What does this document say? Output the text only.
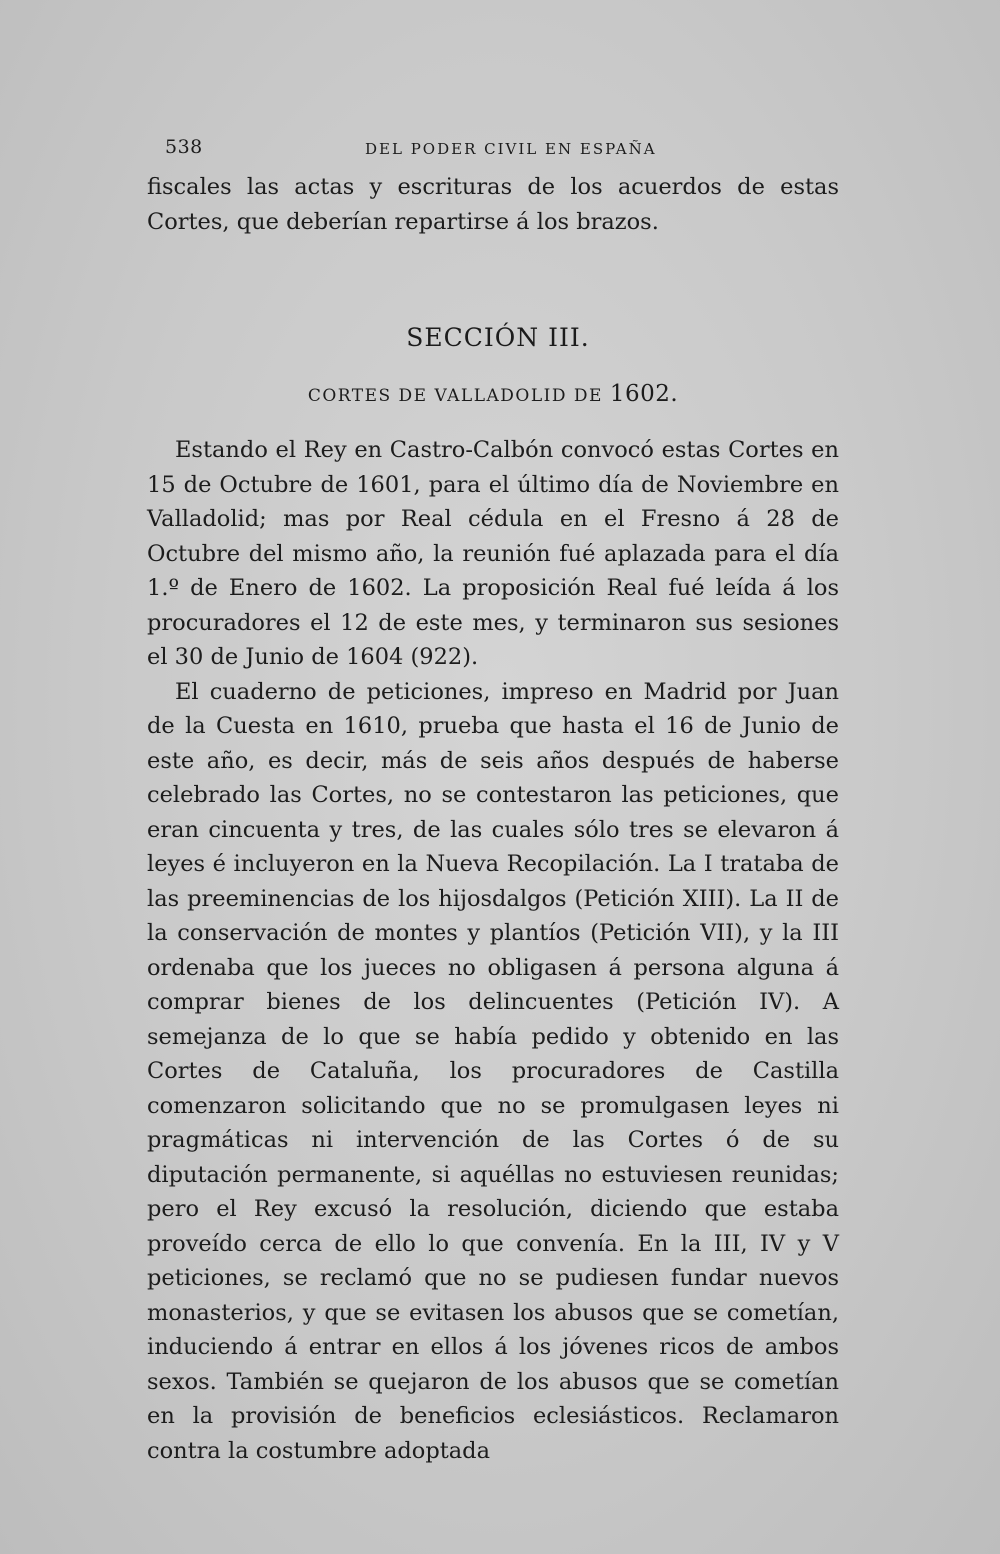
538	DEL PODER CIVIL EN ESPAÑA

fiscales las actas y escrituras de los acuerdos de estas Cortes, que deberían repartirse á los brazos.

SECCIÓN III.
CORTES DE VALLADOLID DE 1602.

Estando el Rey en Castro-Calbón convocó estas Cortes en 15 de Octubre de 1601, para el último día de Noviembre en Valladolid; mas por Real cédula en el Fresno á 28 de Octubre del mismo año, la reunión fué aplazada para el día 1.º de Enero de 1602. La proposición Real fué leída á los procuradores el 12 de este mes, y terminaron sus sesiones el 30 de Junio de 1604 (922).

El cuaderno de peticiones, impreso en Madrid por Juan de la Cuesta en 1610, prueba que hasta el 16 de Junio de este año, es decir, más de seis años después de haberse celebrado las Cortes, no se contestaron las peticiones, que eran cincuenta y tres, de las cuales sólo tres se elevaron á leyes é incluyeron en la Nueva Recopilación. La I trataba de las preeminencias de los hijosdalgos (Petición XIII). La II de la conservación de montes y plantíos (Petición VII), y la III ordenaba que los jueces no obligasen á persona alguna á comprar bienes de los delincuentes (Petición IV). A semejanza de lo que se había pedido y obtenido en las Cortes de Cataluña, los procuradores de Castilla comenzaron solicitando que no se promulgasen leyes ni pragmáticas ni intervención de las Cortes ó de su diputación permanente, si aquéllas no estuviesen reunidas; pero el Rey excusó la resolución, diciendo que estaba proveído cerca de ello lo que convenía. En la III, IV y V peticiones, se reclamó que no se pudiesen fundar nuevos monasterios, y que se evitasen los abusos que se cometían, induciendo á entrar en ellos á los jóvenes ricos de ambos sexos. También se quejaron de los abusos que se cometían en la provisión de beneficios eclesiásticos. Reclamaron contra la costumbre adoptada
